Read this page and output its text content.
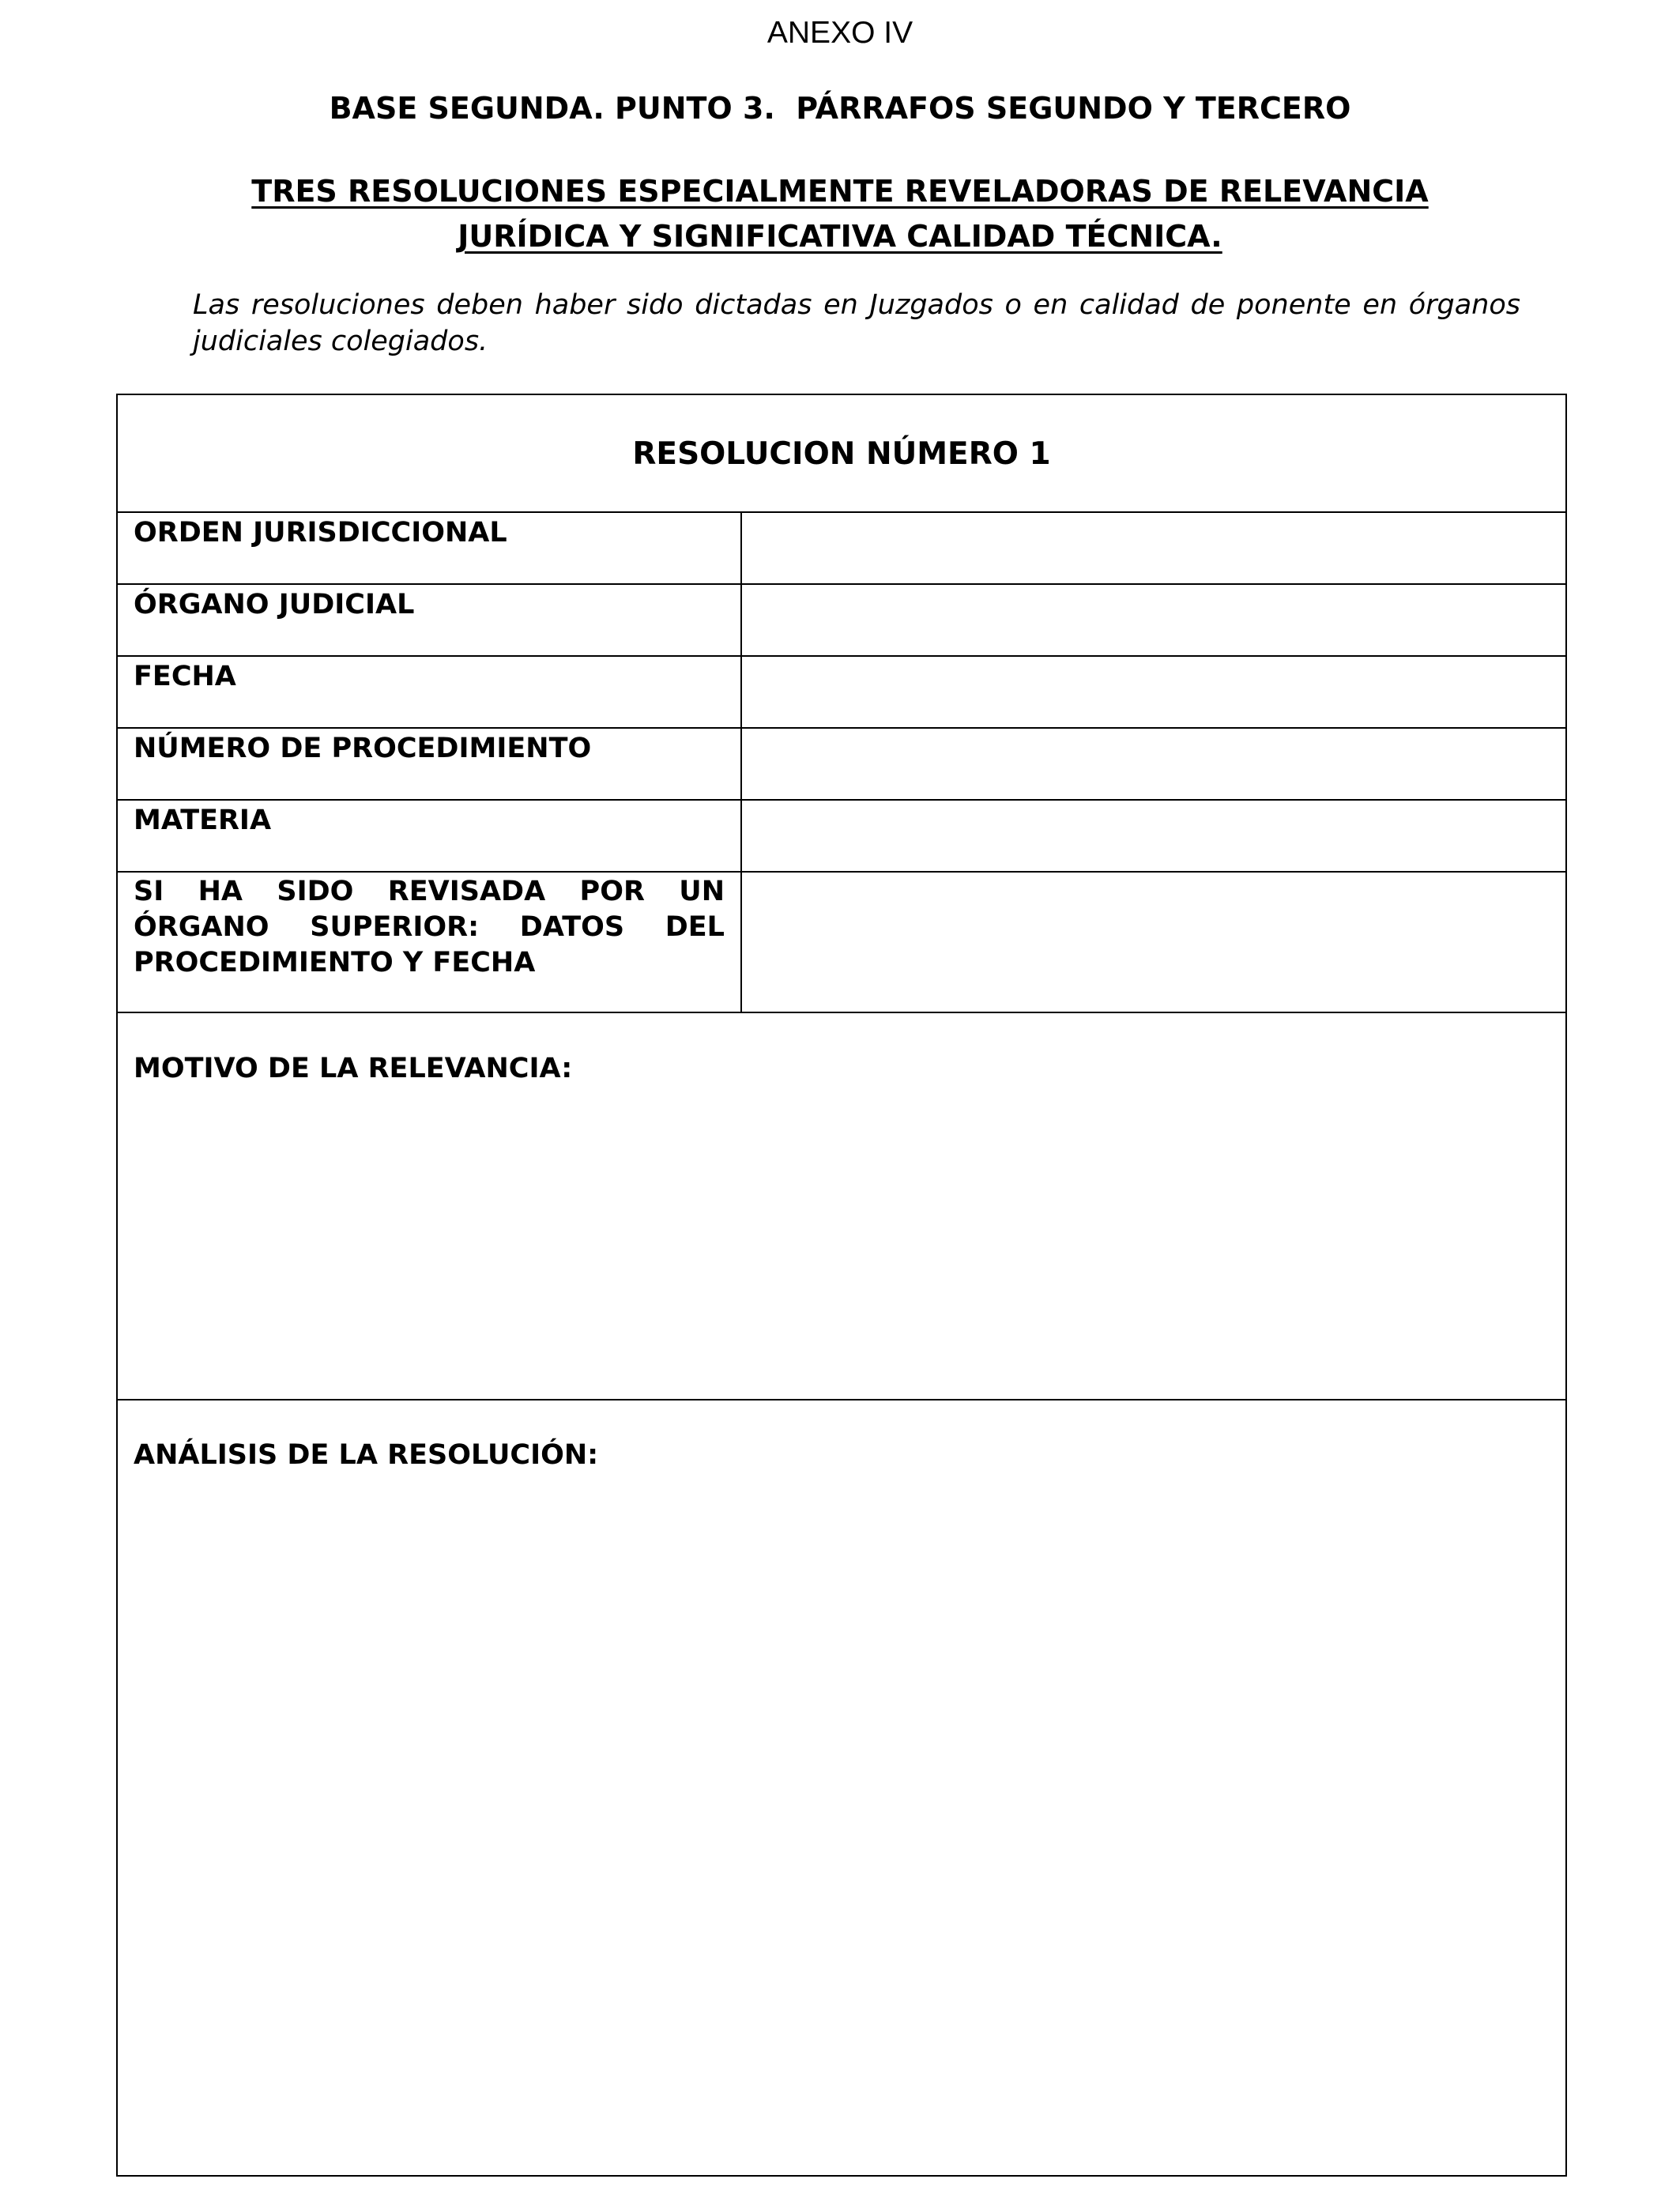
ANEXO IV
BASE SEGUNDA. PUNTO 3.  PÁRRAFOS SEGUNDO Y TERCERO
TRES RESOLUCIONES ESPECIALMENTE REVELADORAS DE RELEVANCIA
JURÍDICA Y SIGNIFICATIVA CALIDAD TÉCNICA.
Las resoluciones deben haber sido dictadas en Juzgados o en calidad de ponente en órganos judiciales colegiados.
RESOLUCION NÚMERO 1
ORDEN JURISDICCIONAL
ÓRGANO JUDICIAL
FECHA
NÚMERO DE PROCEDIMIENTO
MATERIA
SI HA SIDO REVISADA POR UN ÓRGANO SUPERIOR: DATOS DEL PROCEDIMIENTO Y FECHA
MOTIVO DE LA RELEVANCIA:
ANÁLISIS DE LA RESOLUCIÓN:
